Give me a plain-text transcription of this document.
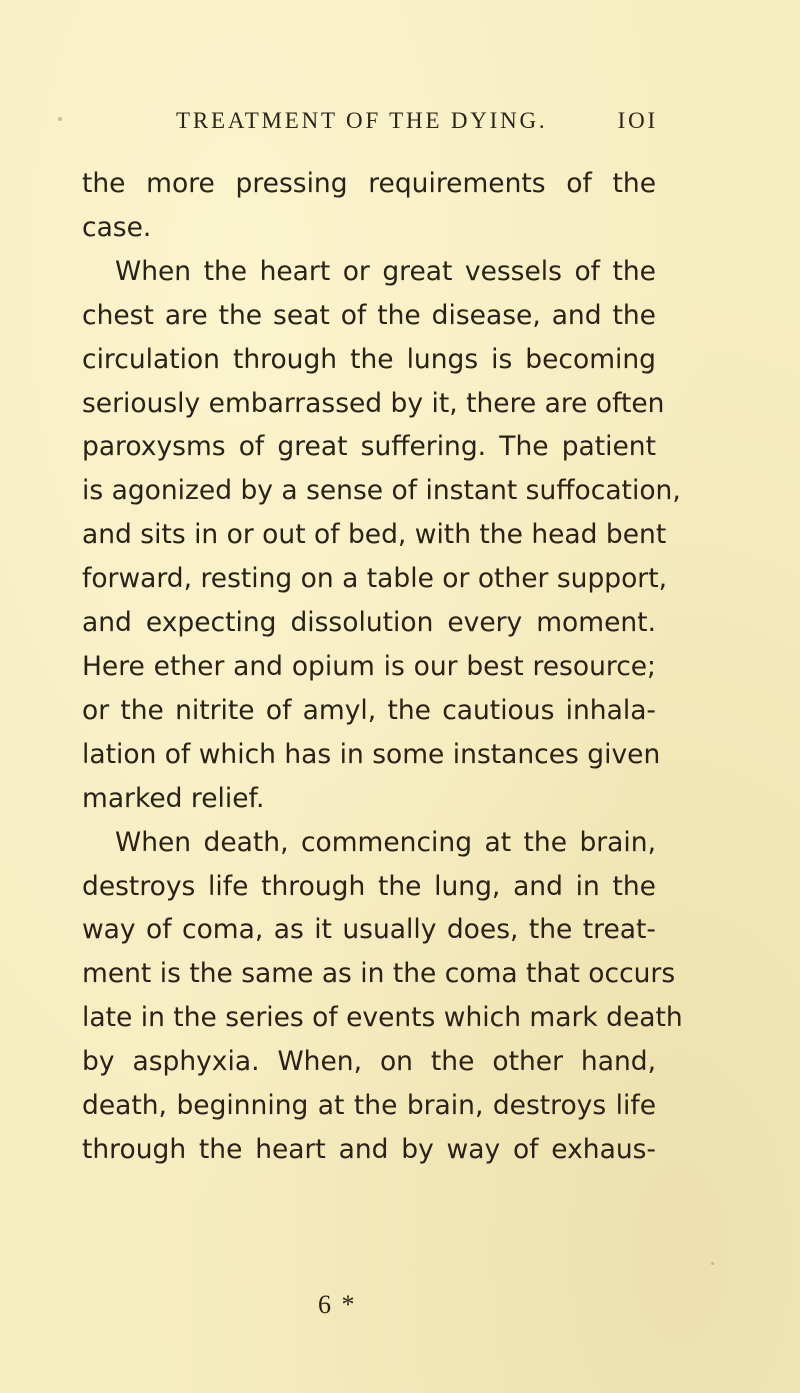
TREATMENT OF THE DYING.	IOI
the more pressing requirements of the
case.
When the heart or great vessels of the
chest are the seat of the disease, and the
circulation through the lungs is becoming
seriously embarrassed by it, there are often
paroxysms of great suffering. The patient
is agonized by a sense of instant suffocation,
and sits in or out of bed, with the head bent
forward, resting on a table or other support,
and expecting dissolution every moment.
Here ether and opium is our best resource;
or the nitrite of amyl, the cautious inhala-
lation of which has in some instances given
marked relief.
When death, commencing at the brain,
destroys life through the lung, and in the
way of coma, as it usually does, the treat-
ment is the same as in the coma that occurs
late in the series of events which mark death
by asphyxia. When, on the other hand,
death, beginning at the brain, destroys life
through the heart and by way of exhaus-
6 *
